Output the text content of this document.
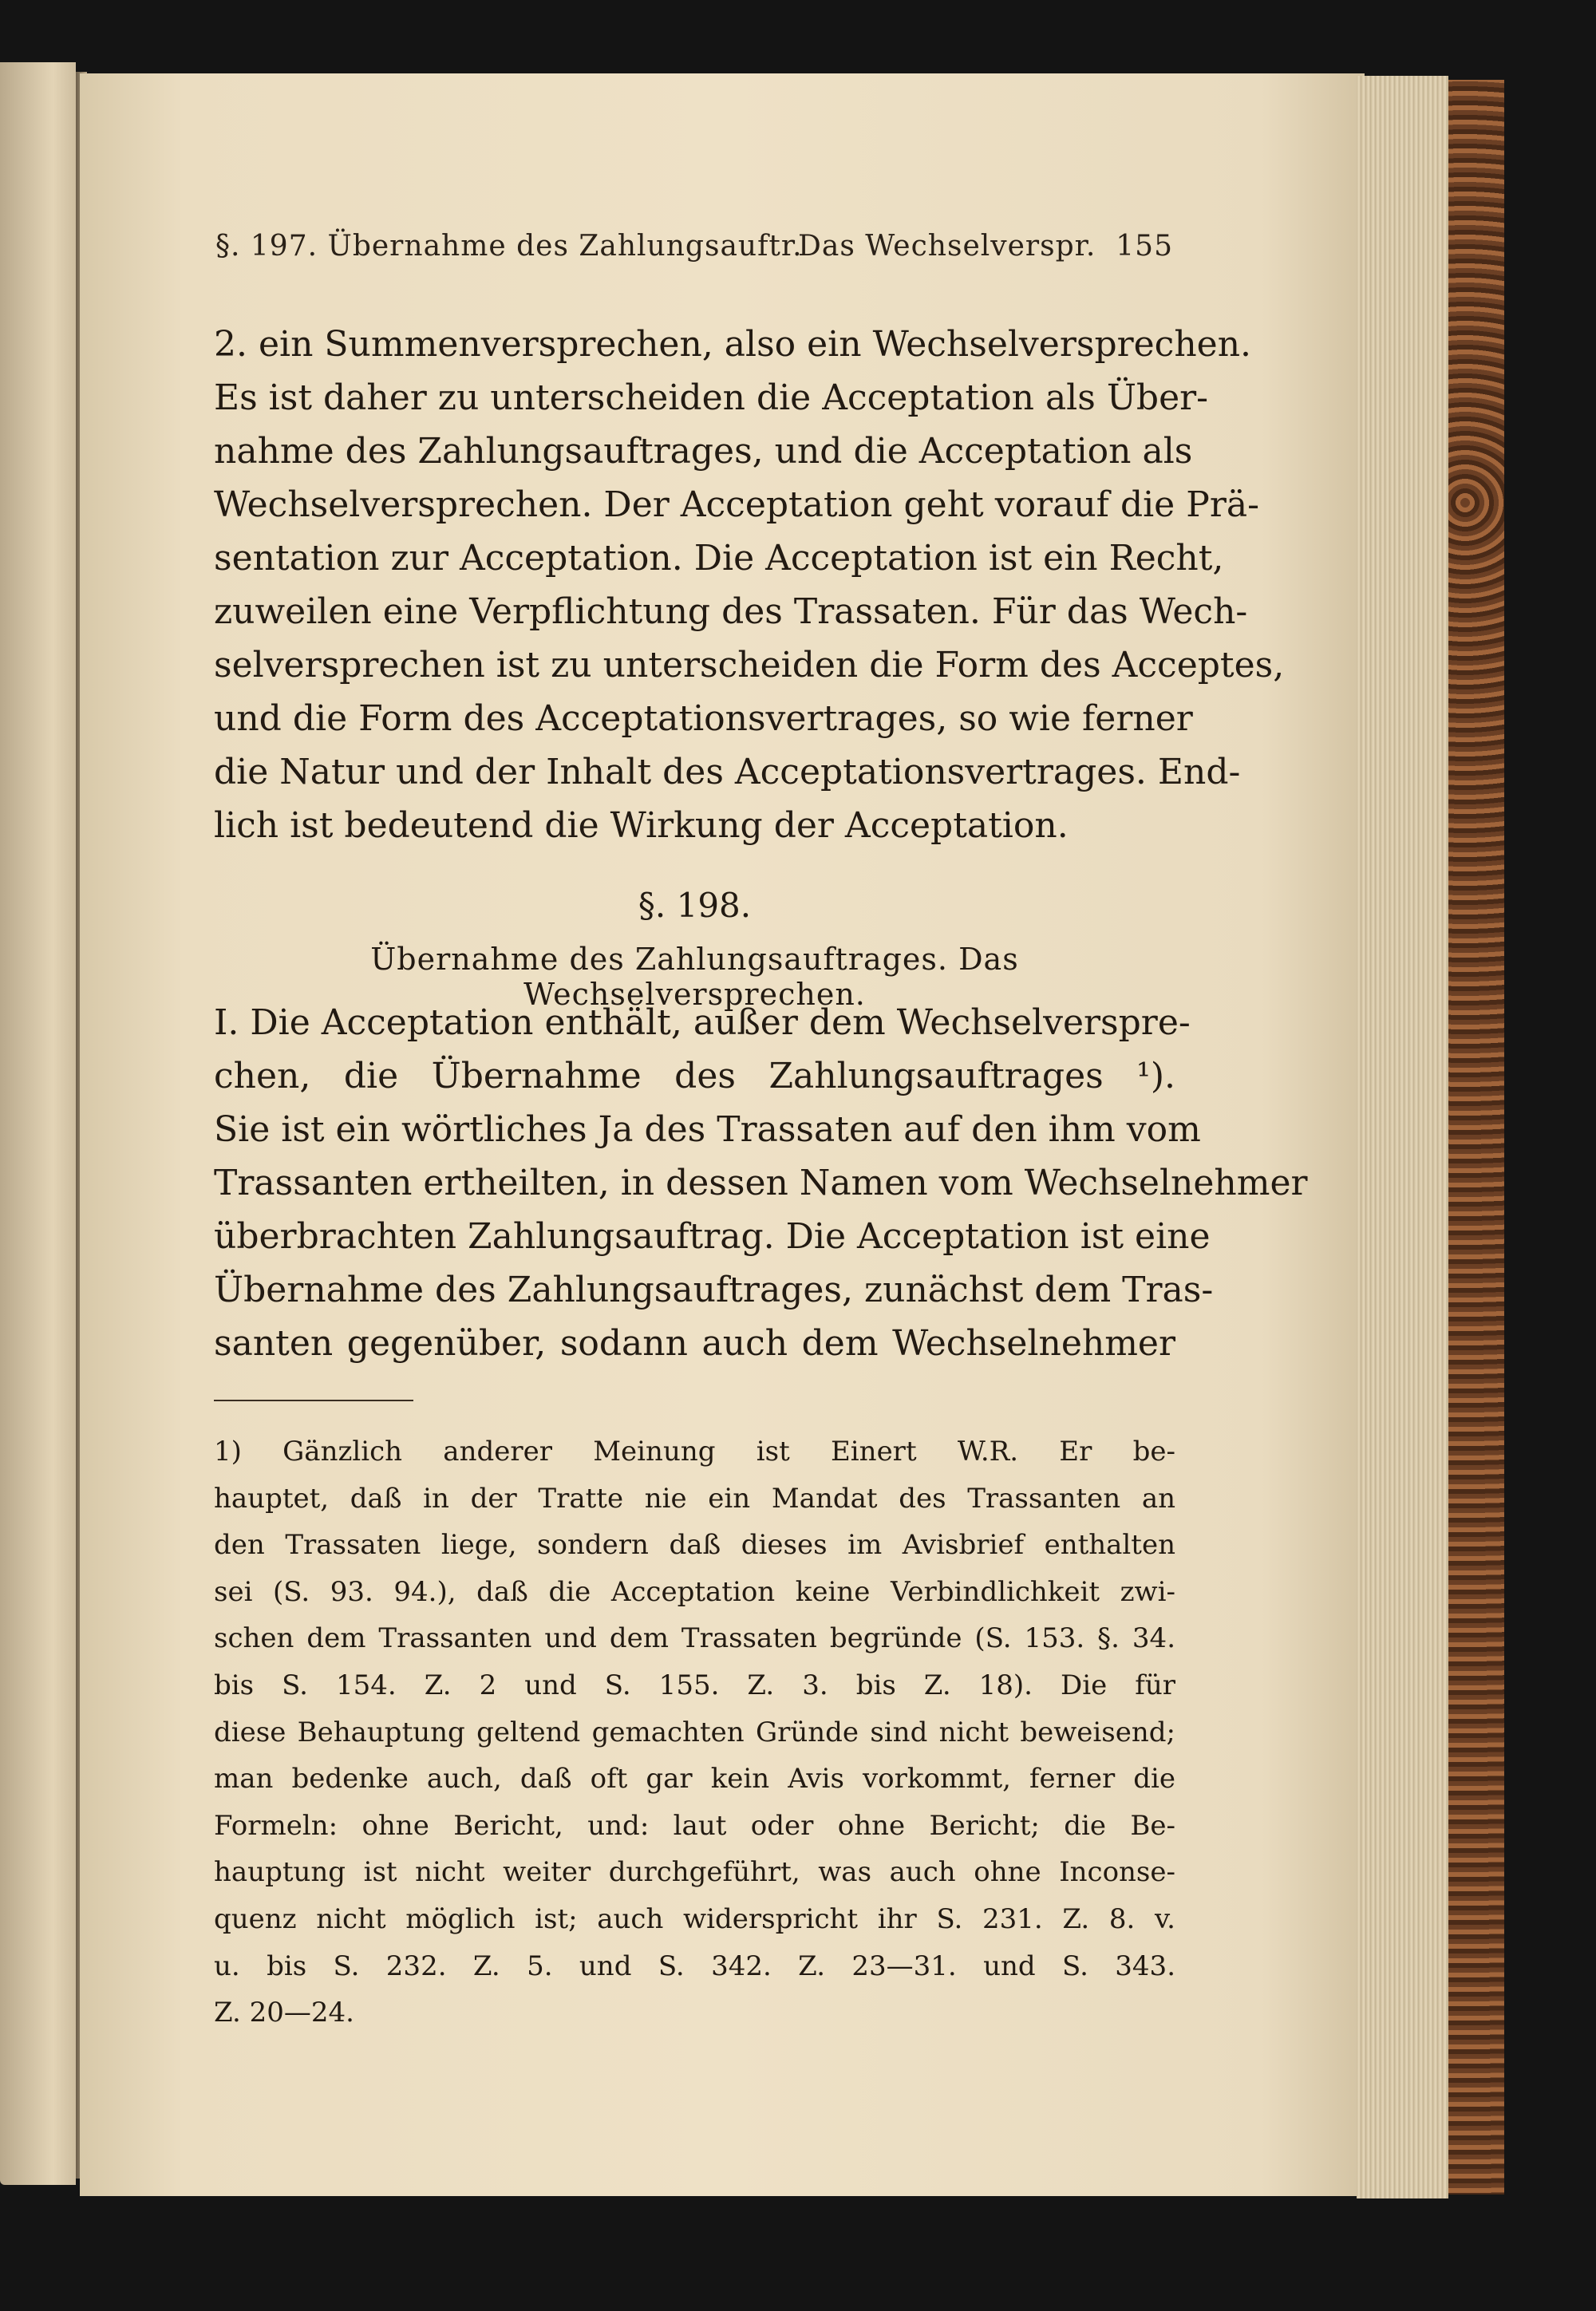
§. 197. Übernahme des Zahlungsauftr.
Das Wechselverspr. 155
2. ein Summenversprechen, also ein Wechselversprechen.
Es ist daher zu unterscheiden die Acceptation als Über-
nahme des Zahlungsauftrages, und die Acceptation als
Wechselversprechen. Der Acceptation geht vorauf die Prä-
sentation zur Acceptation. Die Acceptation ist ein Recht,
zuweilen eine Verpflichtung des Trassaten. Für das Wech-
selversprechen ist zu unterscheiden die Form des Acceptes,
und die Form des Acceptationsvertrages, so wie ferner
die Natur und der Inhalt des Acceptationsvertrages. End-
lich ist bedeutend die Wirkung der Acceptation.
§. 198.
Übernahme des Zahlungsauftrages. Das Wechselversprechen.
I. Die Acceptation enthält, außer dem Wechselverspre-
chen, die Übernahme des Zahlungsauftrages ¹).
Sie ist ein wörtliches Ja des Trassaten auf den ihm vom
Trassanten ertheilten, in dessen Namen vom Wechselnehmer
überbrachten Zahlungsauftrag. Die Acceptation ist eine
Übernahme des Zahlungsauftrages, zunächst dem Tras-
santen gegenüber, sodann auch dem Wechselnehmer
1) Gänzlich anderer Meinung ist Einert W.R. Er be-
hauptet, daß in der Tratte nie ein Mandat des Trassanten an
den Trassaten liege, sondern daß dieses im Avisbrief enthalten
sei (S. 93. 94.), daß die Acceptation keine Verbindlichkeit zwi-
schen dem Trassanten und dem Trassaten begründe (S. 153. §. 34.
bis S. 154. Z. 2 und S. 155. Z. 3. bis Z. 18). Die für
diese Behauptung geltend gemachten Gründe sind nicht beweisend;
man bedenke auch, daß oft gar kein Avis vorkommt, ferner die
Formeln: ohne Bericht, und: laut oder ohne Bericht; die Be-
hauptung ist nicht weiter durchgeführt, was auch ohne Inconse-
quenz nicht möglich ist; auch widerspricht ihr S. 231. Z. 8. v.
u. bis S. 232. Z. 5. und S. 342. Z. 23—31. und S. 343.
Z. 20—24.
